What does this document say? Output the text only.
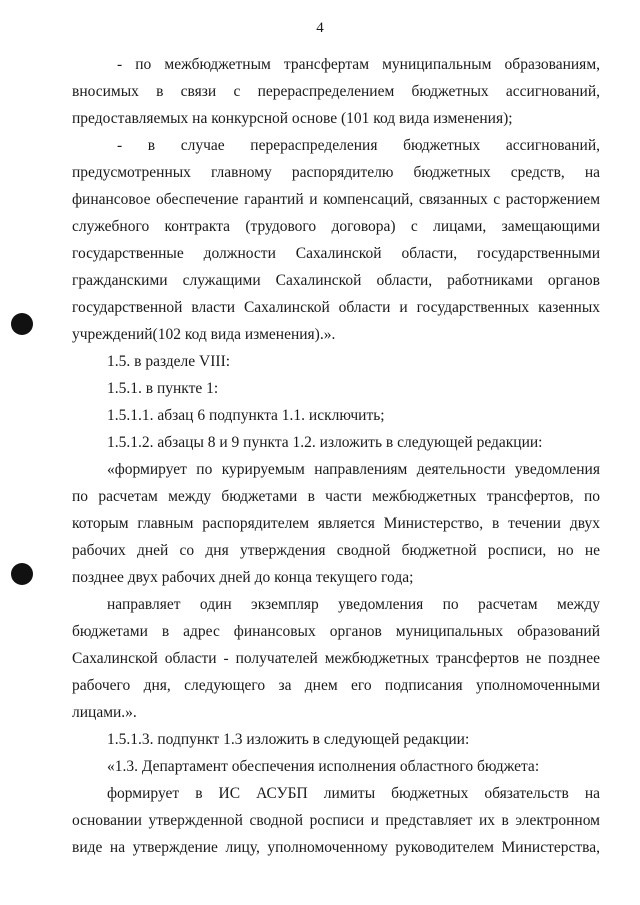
4

- по межбюджетным трансфертам муниципальным образованиям,

вносимых в связи с перераспределением бюджетных ассигнований,

предоставляемых на конкурсной основе (101 код вида изменения);

- в случае перераспределения бюджетных ассигнований,

предусмотренных главному распорядителю бюджетных средств, на

финансовое обеспечение гарантий и компенсаций, связанных с расторжением

служебного контракта (трудового договора) с лицами, замещающими

государственные должности Сахалинской области, государственными

гражданскими служащими Сахалинской области, работниками органов

государственной власти Сахалинской области и государственных казенных

учреждений(102 код вида изменения).».

1.5. в разделе VIII:

1.5.1. в пункте 1:

1.5.1.1. абзац 6 подпункта 1.1. исключить;

1.5.1.2. абзацы 8 и 9 пункта 1.2. изложить в следующей редакции:

«формирует по курируемым направлениям деятельности уведомления

по расчетам между бюджетами в части межбюджетных трансфертов, по

которым главным распорядителем является Министерство, в течении двух

рабочих дней со дня утверждения сводной бюджетной росписи, но не

позднее двух рабочих дней до конца текущего года;

направляет один экземпляр уведомления по расчетам между

бюджетами в адрес финансовых органов муниципальных образований

Сахалинской области - получателей межбюджетных трансфертов не позднее

рабочего дня, следующего за днем его подписания уполномоченными

лицами.».

1.5.1.3. подпункт 1.3 изложить в следующей редакции:

«1.3. Департамент обеспечения исполнения областного бюджета:

формирует в ИС АСУБП лимиты бюджетных обязательств на

основании утвержденной сводной росписи и представляет их в электронном

виде на утверждение лицу, уполномоченному руководителем Министерства,
